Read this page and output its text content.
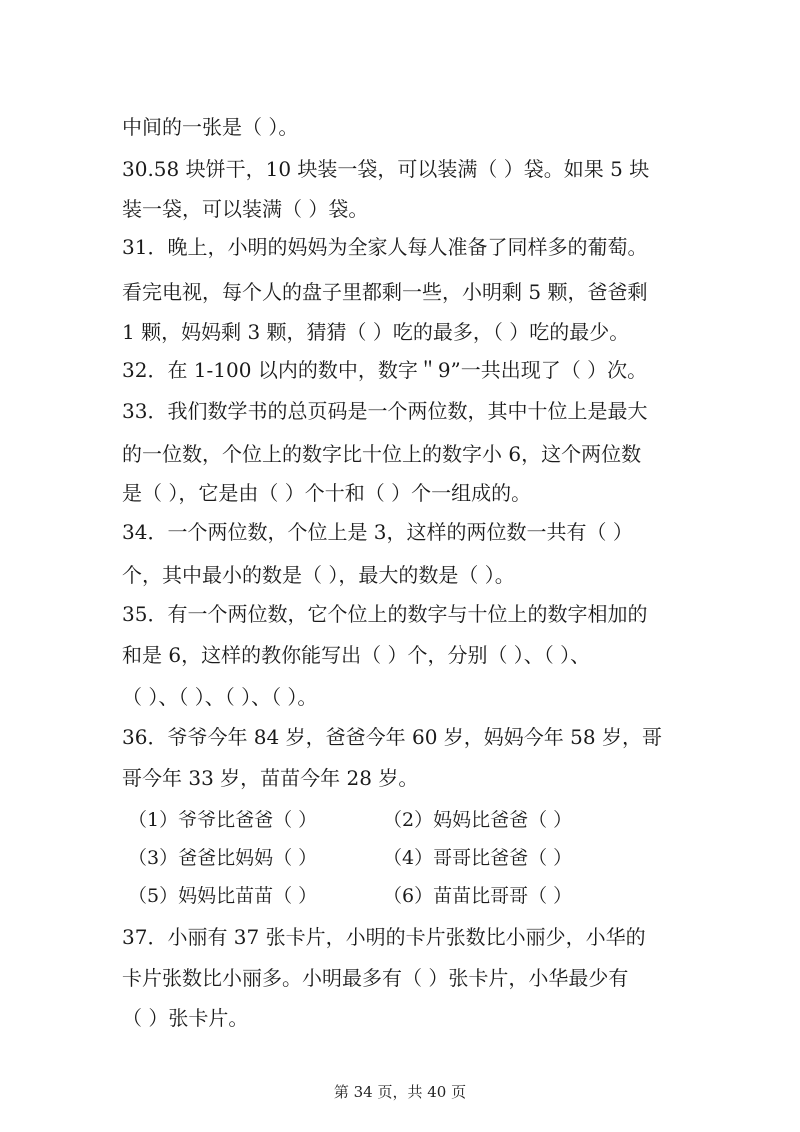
中间的一张是（ ）。

30.58 块饼干，10 块装一袋，可以装满（ ）袋。如果 5 块

装一袋，可以装满（ ）袋。

31．晚上，小明的妈妈为全家人每人准备了同样多的葡萄。

看完电视，每个人的盘子里都剩一些，小明剩 5 颗，爸爸剩

1 颗，妈妈剩 3 颗，猜猜（ ）吃的最多，（ ）吃的最少。

32．在 1-100 以内的数中，数字＂9”一共出现了（ ）次。

33．我们数学书的总页码是一个两位数，其中十位上是最大

的一位数，个位上的数字比十位上的数字小 6，这个两位数

是（ ），它是由（ ）个十和（ ）个一组成的。

34．一个两位数，个位上是 3，这样的两位数一共有（ ）

个，其中最小的数是（ ），最大的数是（ ）。

35．有一个两位数，它个位上的数字与十位上的数字相加的

和是 6，这样的教你能写出（ ）个，分别（ ）、（ ）、

（ ）、（ ）、（ ）、（ ）。

36．爷爷今年 84 岁，爸爸今年 60 岁，妈妈今年 58 岁，哥

哥今年 33 岁，苗苗今年 28 岁。

（1）爷爷比爸爸（ ）	（2）妈妈比爸爸（ ）
（3）爸爸比妈妈（ ）	（4）哥哥比爸爸（ ）
（5）妈妈比苗苗（ ）	（6）苗苗比哥哥（ ）

37．小丽有 37 张卡片，小明的卡片张数比小丽少，小华的

卡片张数比小丽多。小明最多有（ ）张卡片，小华最少有

（ ）张卡片。

第 34 页，共 40 页
